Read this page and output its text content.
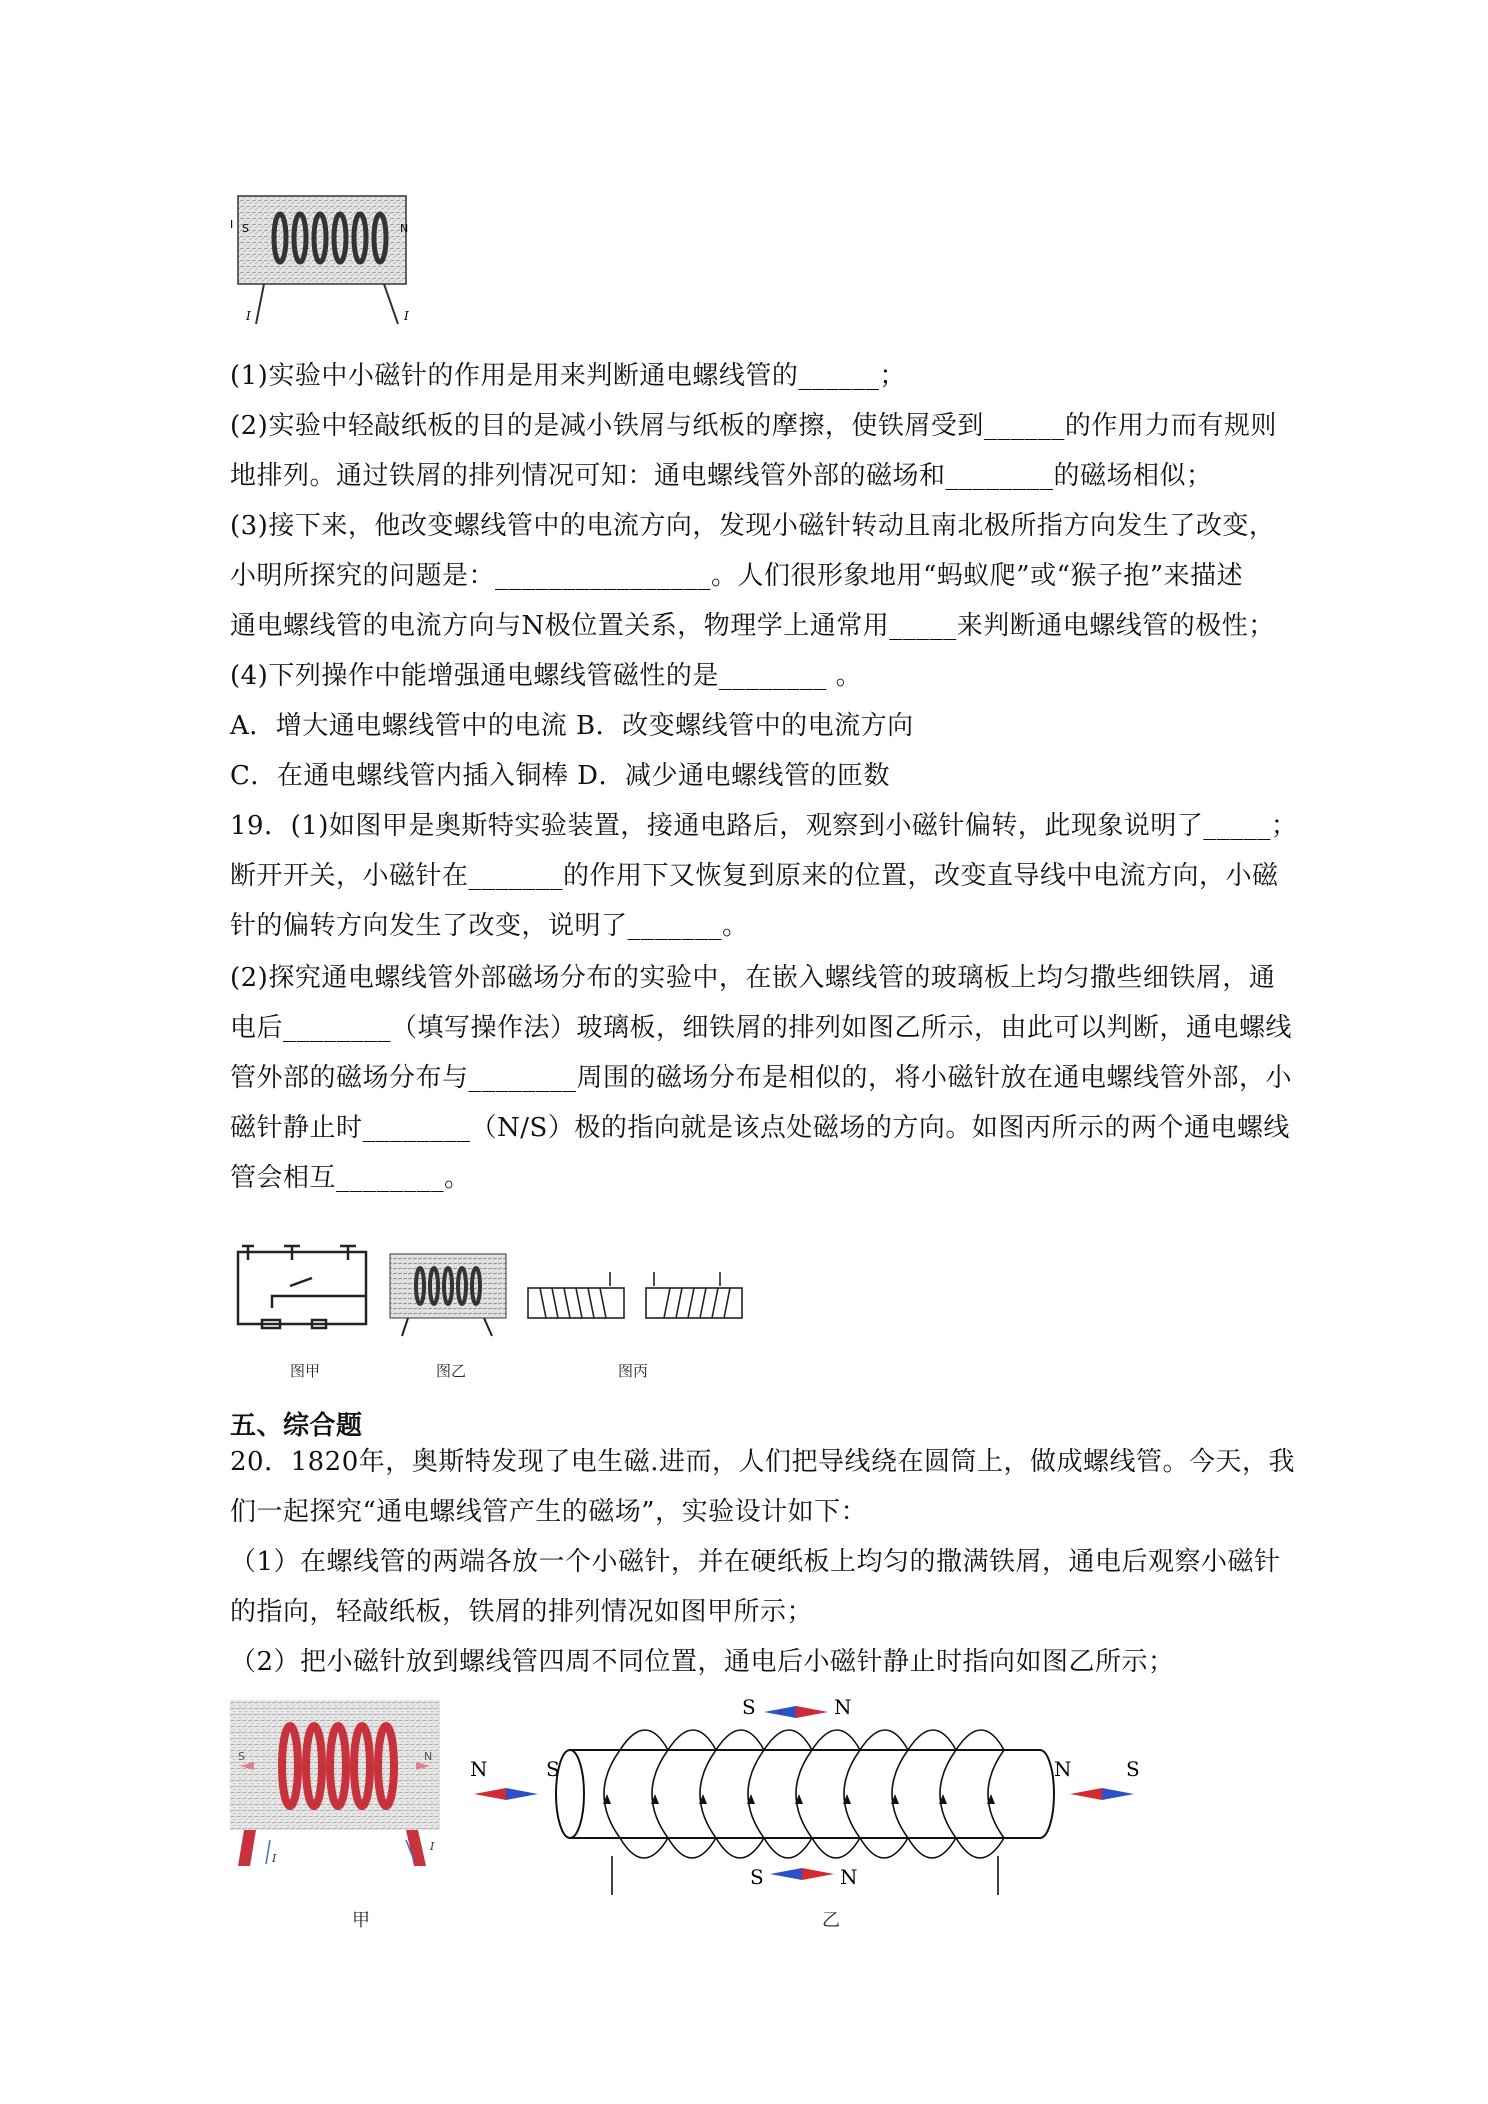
S	N
I
I	I
(1)实验中小磁针的作用是用来判断通电螺线管的______；
(2)实验中轻敲纸板的目的是减小铁屑与纸板的摩擦，使铁屑受到______的作用力而有规则
地排列。通过铁屑的排列情况可知：通电螺线管外部的磁场和________的磁场相似；
(3)接下来，他改变螺线管中的电流方向，发现小磁针转动且南北极所指方向发生了改变，
小明所探究的问题是：________________。人们很形象地用“蚂蚁爬”或“猴子抱”来描述
通电螺线管的电流方向与N极位置关系，物理学上通常用_____来判断通电螺线管的极性；
(4)下列操作中能增强通电螺线管磁性的是________ 。
A．增大通电螺线管中的电流 B．改变螺线管中的电流方向
C．在通电螺线管内插入铜棒 D．减少通电螺线管的匝数
19．(1)如图甲是奥斯特实验装置，接通电路后，观察到小磁针偏转，此现象说明了_____；
断开开关，小磁针在_______的作用下又恢复到原来的位置，改变直导线中电流方向，小磁
针的偏转方向发生了改变，说明了_______。
(2)探究通电螺线管外部磁场分布的实验中，在嵌入螺线管的玻璃板上均匀撒些细铁屑，通
电后________（填写操作法）玻璃板，细铁屑的排列如图乙所示，由此可以判断，通电螺线
管外部的磁场分布与________周围的磁场分布是相似的，将小磁针放在通电螺线管外部，小
磁针静止时________（N/S）极的指向就是该点处磁场的方向。如图丙所示的两个通电螺线
管会相互________。
图甲	图乙	图丙
五、综合题
20．1820年，奥斯特发现了电生磁.进而，人们把导线绕在圆筒上，做成螺线管。今天，我
们一起探究“通电螺线管产生的磁场”，实验设计如下：
（1）在螺线管的两端各放一个小磁针，并在硬纸板上均匀的撒满铁屑，通电后观察小磁针
的指向，轻敲纸板，铁屑的排列情况如图甲所示；
（2）把小磁针放到螺线管四周不同位置，通电后小磁针静止时指向如图乙所示；
S	N
I
I
S	N
N	S	N	S
S	N
甲	乙
